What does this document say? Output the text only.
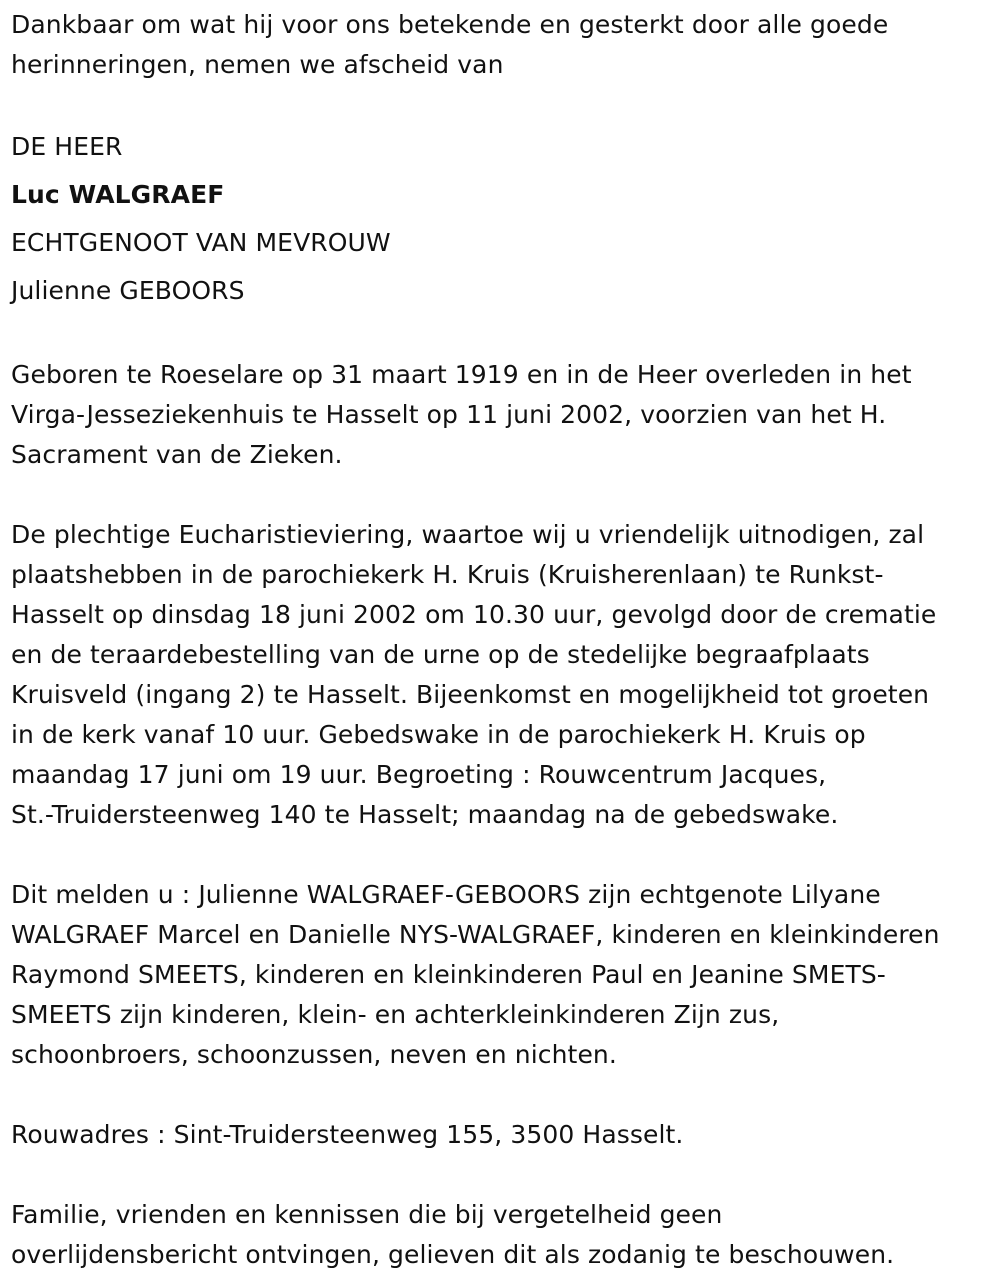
Dankbaar om wat hij voor ons betekende en gesterkt door alle goede
herinneringen, nemen we afscheid van

DE HEER

Luc WALGRAEF

ECHTGENOOT VAN MEVROUW

Julienne GEBOORS

Geboren te Roeselare op 31 maart 1919 en in de Heer overleden in het
Virga-Jesseziekenhuis te Hasselt op 11 juni 2002, voorzien van het H.
Sacrament van de Zieken.

De plechtige Eucharistieviering, waartoe wij u vriendelijk uitnodigen, zal
plaatshebben in de parochiekerk H. Kruis (Kruisherenlaan) te Runkst-
Hasselt op dinsdag 18 juni 2002 om 10.30 uur, gevolgd door de crematie
en de teraardebestelling van de urne op de stedelijke begraafplaats
Kruisveld (ingang 2) te Hasselt. Bijeenkomst en mogelijkheid tot groeten
in de kerk vanaf 10 uur. Gebedswake in de parochiekerk H. Kruis op
maandag 17 juni om 19 uur. Begroeting : Rouwcentrum Jacques,
St.-Truidersteenweg 140 te Hasselt; maandag na de gebedswake.

Dit melden u : Julienne WALGRAEF-GEBOORS zijn echtgenote Lilyane
WALGRAEF Marcel en Danielle NYS-WALGRAEF, kinderen en kleinkinderen
Raymond SMEETS, kinderen en kleinkinderen Paul en Jeanine SMETS-
SMEETS zijn kinderen, klein- en achterkleinkinderen Zijn zus,
schoonbroers, schoonzussen, neven en nichten.

Rouwadres : Sint-Truidersteenweg 155, 3500 Hasselt.

Familie, vrienden en kennissen die bij vergetelheid geen
overlijdensbericht ontvingen, gelieven dit als zodanig te beschouwen.
